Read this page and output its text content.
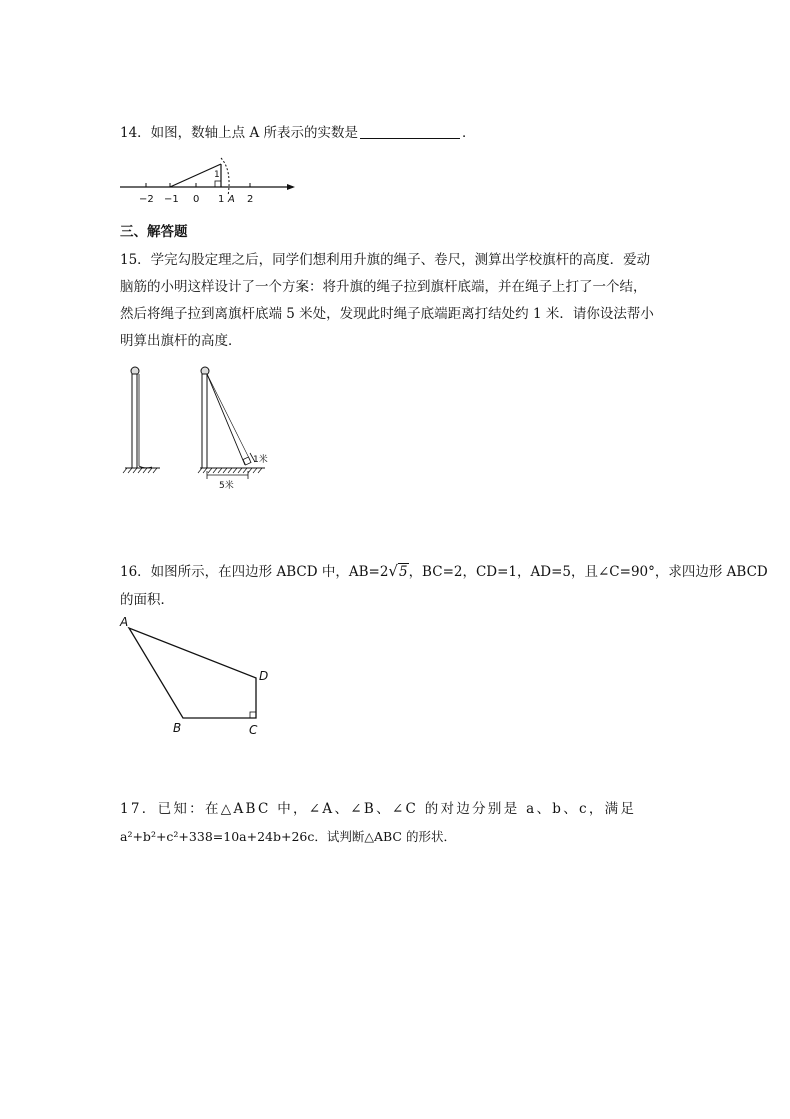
14．如图，数轴上点 A 所表示的实数是	．
−2 −1 0 1 A 2
1
三、解答题
15．学完勾股定理之后，同学们想利用升旗的绳子、卷尺，测算出学校旗杆的高度．爱动
脑筋的小明这样设计了一个方案：将升旗的绳子拉到旗杆底端，并在绳子上打了一个结，
然后将绳子拉到离旗杆底端 5 米处，发现此时绳子底端距离打结处约 1 米．请你设法帮小
明算出旗杆的高度．
1米
5米
16．如图所示，在四边形 ABCD 中，AB=2√5，BC=2，CD=1，AD=5，且∠C=90°，求四边形 ABCD
的面积．
A
B	C
D
17．已知：在△ABC 中，∠A、∠B、∠C 的对边分别是 a、b、c，满足
a²+b²+c²+338=10a+24b+26c．试判断△ABC 的形状．
